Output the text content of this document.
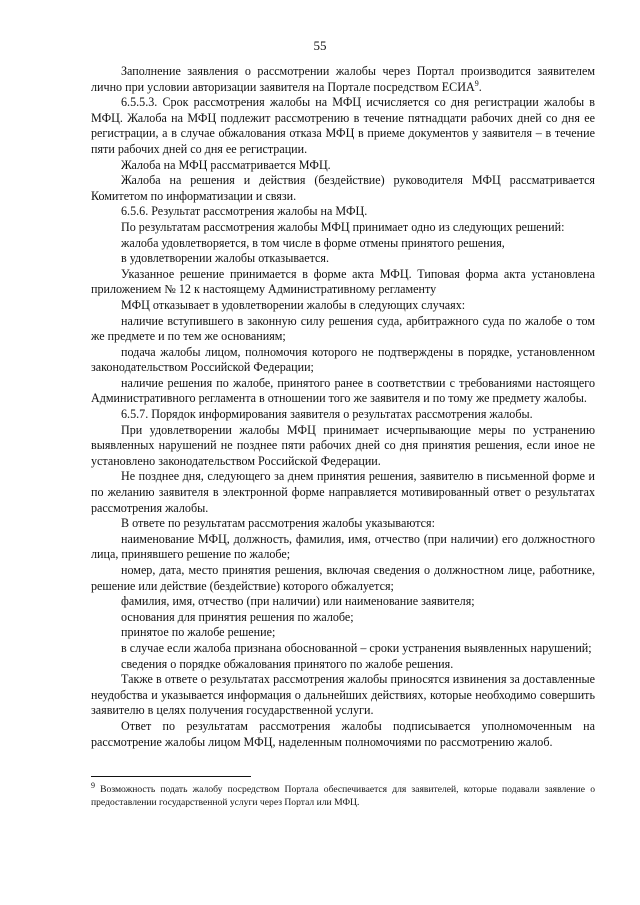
55

Заполнение заявления о рассмотрении жалобы через Портал производится заявителем лично при условии авторизации заявителя на Портале посредством ЕСИА$^9$.

6.5.5.3. Срок рассмотрения жалобы на МФЦ исчисляется со дня регистрации жалобы в МФЦ. Жалоба на МФЦ подлежит рассмотрению в течение пятнадцати рабочих дней со дня ее регистрации, а в случае обжалования отказа МФЦ в приеме документов у заявителя – в течение пяти рабочих дней со дня ее регистрации.

Жалоба на МФЦ рассматривается МФЦ.

Жалоба на решения и действия (бездействие) руководителя МФЦ рассматривается Комитетом по информатизации и связи.

6.5.6. Результат рассмотрения жалобы на МФЦ.

По результатам рассмотрения жалобы МФЦ принимает одно из следующих решений:

жалоба удовлетворяется, в том числе в форме отмены принятого решения,

в удовлетворении жалобы отказывается.

Указанное решение принимается в форме акта МФЦ. Типовая форма акта установлена приложением № 12 к настоящему Административному регламенту

МФЦ отказывает в удовлетворении жалобы в следующих случаях:

наличие вступившего в законную силу решения суда, арбитражного суда по жалобе о том же предмете и по тем же основаниям;

подача жалобы лицом, полномочия которого не подтверждены в порядке, установленном законодательством Российской Федерации;

наличие решения по жалобе, принятого ранее в соответствии с требованиями настоящего Административного регламента в отношении того же заявителя и по тому же предмету жалобы.

6.5.7. Порядок информирования заявителя о результатах рассмотрения жалобы.

При удовлетворении жалобы МФЦ принимает исчерпывающие меры по устранению выявленных нарушений не позднее пяти рабочих дней со дня принятия решения, если иное не установлено законодательством Российской Федерации.

Не позднее дня, следующего за днем принятия решения, заявителю в письменной форме и по желанию заявителя в электронной форме направляется мотивированный ответ о результатах рассмотрения жалобы.

В ответе по результатам рассмотрения жалобы указываются:

наименование МФЦ, должность, фамилия, имя, отчество (при наличии) его должностного лица, принявшего решение по жалобе;

номер, дата, место принятия решения, включая сведения о должностном лице, работнике, решение или действие (бездействие) которого обжалуется;

фамилия, имя, отчество (при наличии) или наименование заявителя;

основания для принятия решения по жалобе;

принятое по жалобе решение;

в случае если жалоба признана обоснованной – сроки устранения выявленных нарушений;

сведения о порядке обжалования принятого по жалобе решения.

Также в ответе о результатах рассмотрения жалобы приносятся извинения за доставленные неудобства и указывается информация о дальнейших действиях, которые необходимо совершить заявителю в целях получения государственной услуги.

Ответ по результатам рассмотрения жалобы подписывается уполномоченным на рассмотрение жалобы лицом МФЦ, наделенным полномочиями по рассмотрению жалоб.

$^9$ Возможность подать жалобу посредством Портала обеспечивается для заявителей, которые подавали заявление о предоставлении государственной услуги через Портал или МФЦ.
